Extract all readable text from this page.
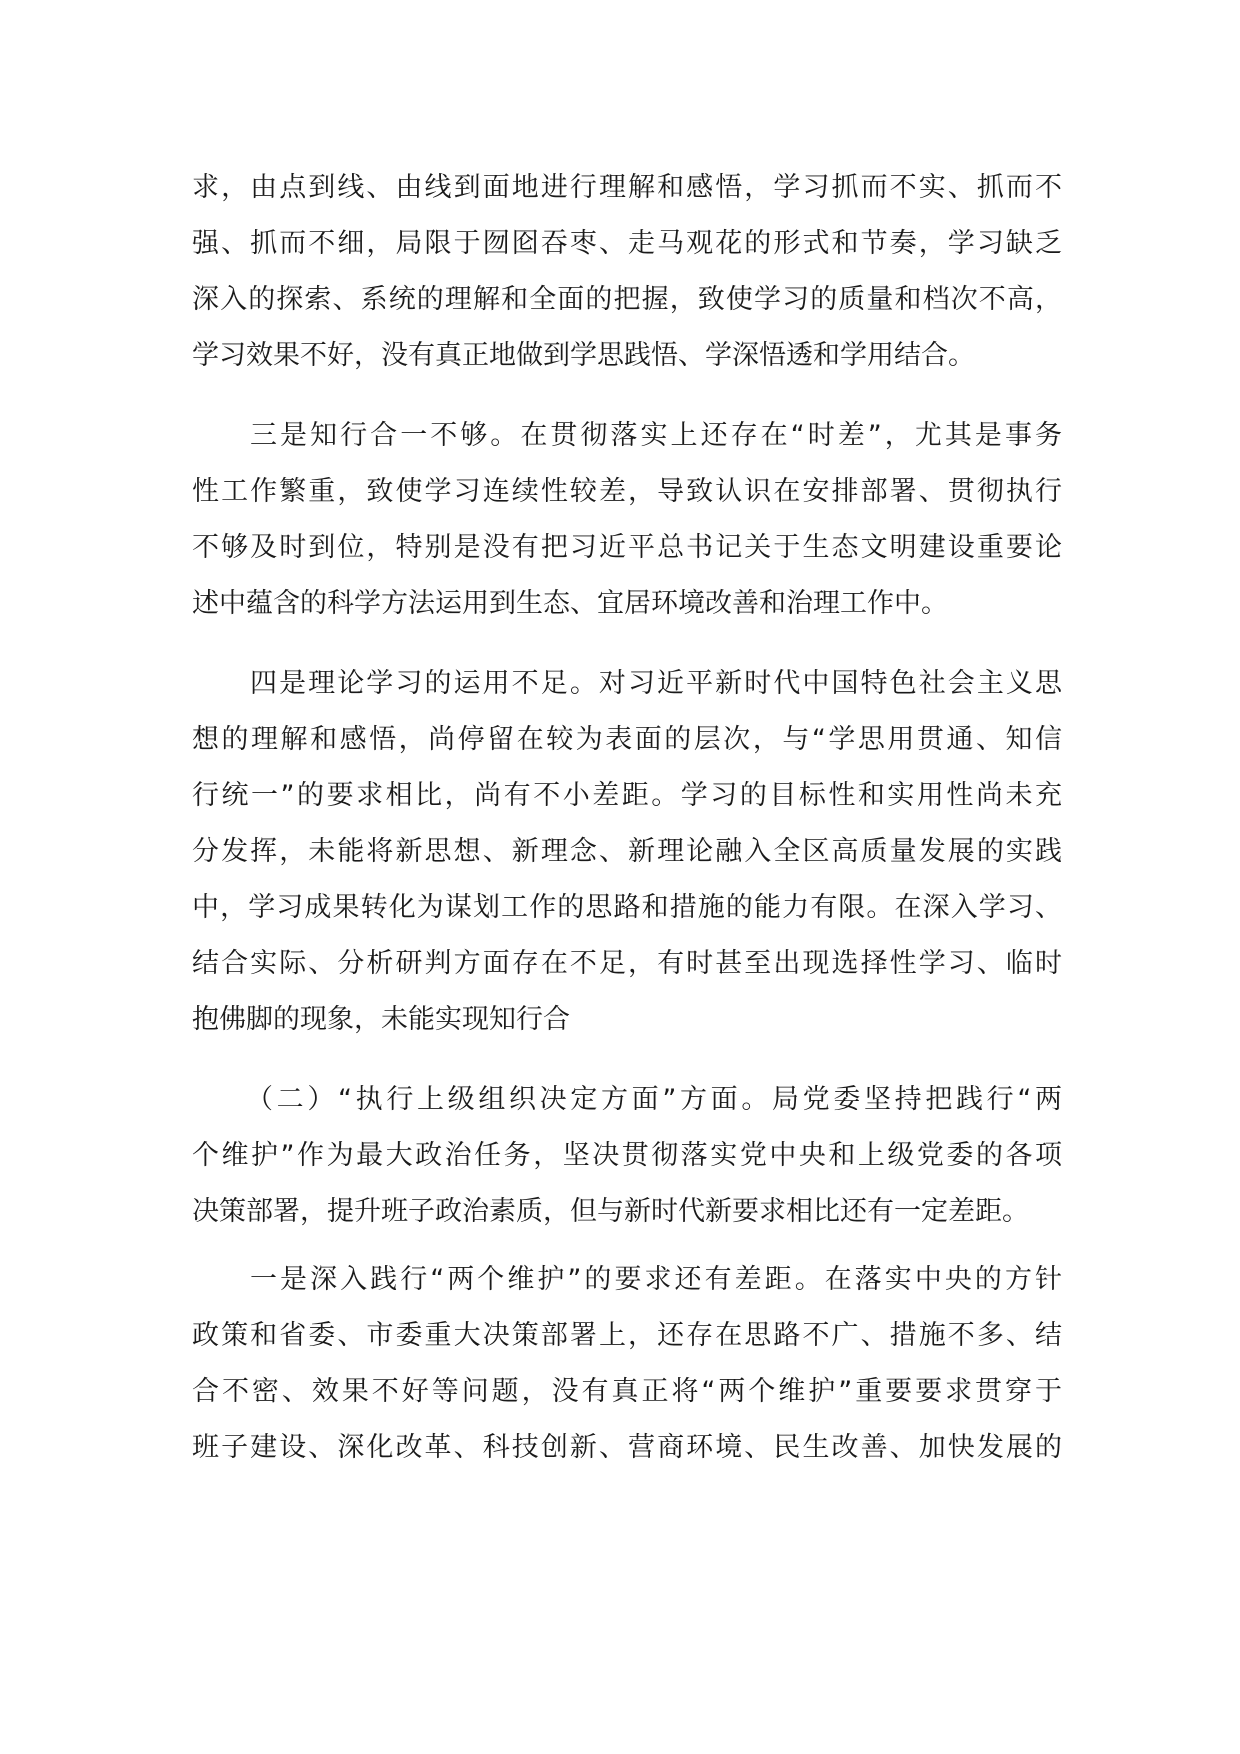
求，由点到线、由线到面地进行理解和感悟，学习抓而不实、抓而不
强、抓而不细，局限于囫囵吞枣、走马观花的形式和节奏，学习缺乏
深入的探索、系统的理解和全面的把握，致使学习的质量和档次不高，
学习效果不好，没有真正地做到学思践悟、学深悟透和学用结合。
三是知行合一不够。在贯彻落实上还存在“时差”，尤其是事务
性工作繁重，致使学习连续性较差，导致认识在安排部署、贯彻执行
不够及时到位，特别是没有把习近平总书记关于生态文明建设重要论
述中蕴含的科学方法运用到生态、宜居环境改善和治理工作中。
四是理论学习的运用不足。对习近平新时代中国特色社会主义思
想的理解和感悟，尚停留在较为表面的层次，与“学思用贯通、知信
行统一”的要求相比，尚有不小差距。学习的目标性和实用性尚未充
分发挥，未能将新思想、新理念、新理论融入全区高质量发展的实践
中，学习成果转化为谋划工作的思路和措施的能力有限。在深入学习、
结合实际、分析研判方面存在不足，有时甚至出现选择性学习、临时
抱佛脚的现象，未能实现知行合
（二）“执行上级组织决定方面”方面。局党委坚持把践行“两
个维护”作为最大政治任务，坚决贯彻落实党中央和上级党委的各项
决策部署，提升班子政治素质，但与新时代新要求相比还有一定差距。
一是深入践行“两个维护”的要求还有差距。在落实中央的方针
政策和省委、市委重大决策部署上，还存在思路不广、措施不多、结
合不密、效果不好等问题，没有真正将“两个维护”重要要求贯穿于
班子建设、深化改革、科技创新、营商环境、民生改善、加快发展的
